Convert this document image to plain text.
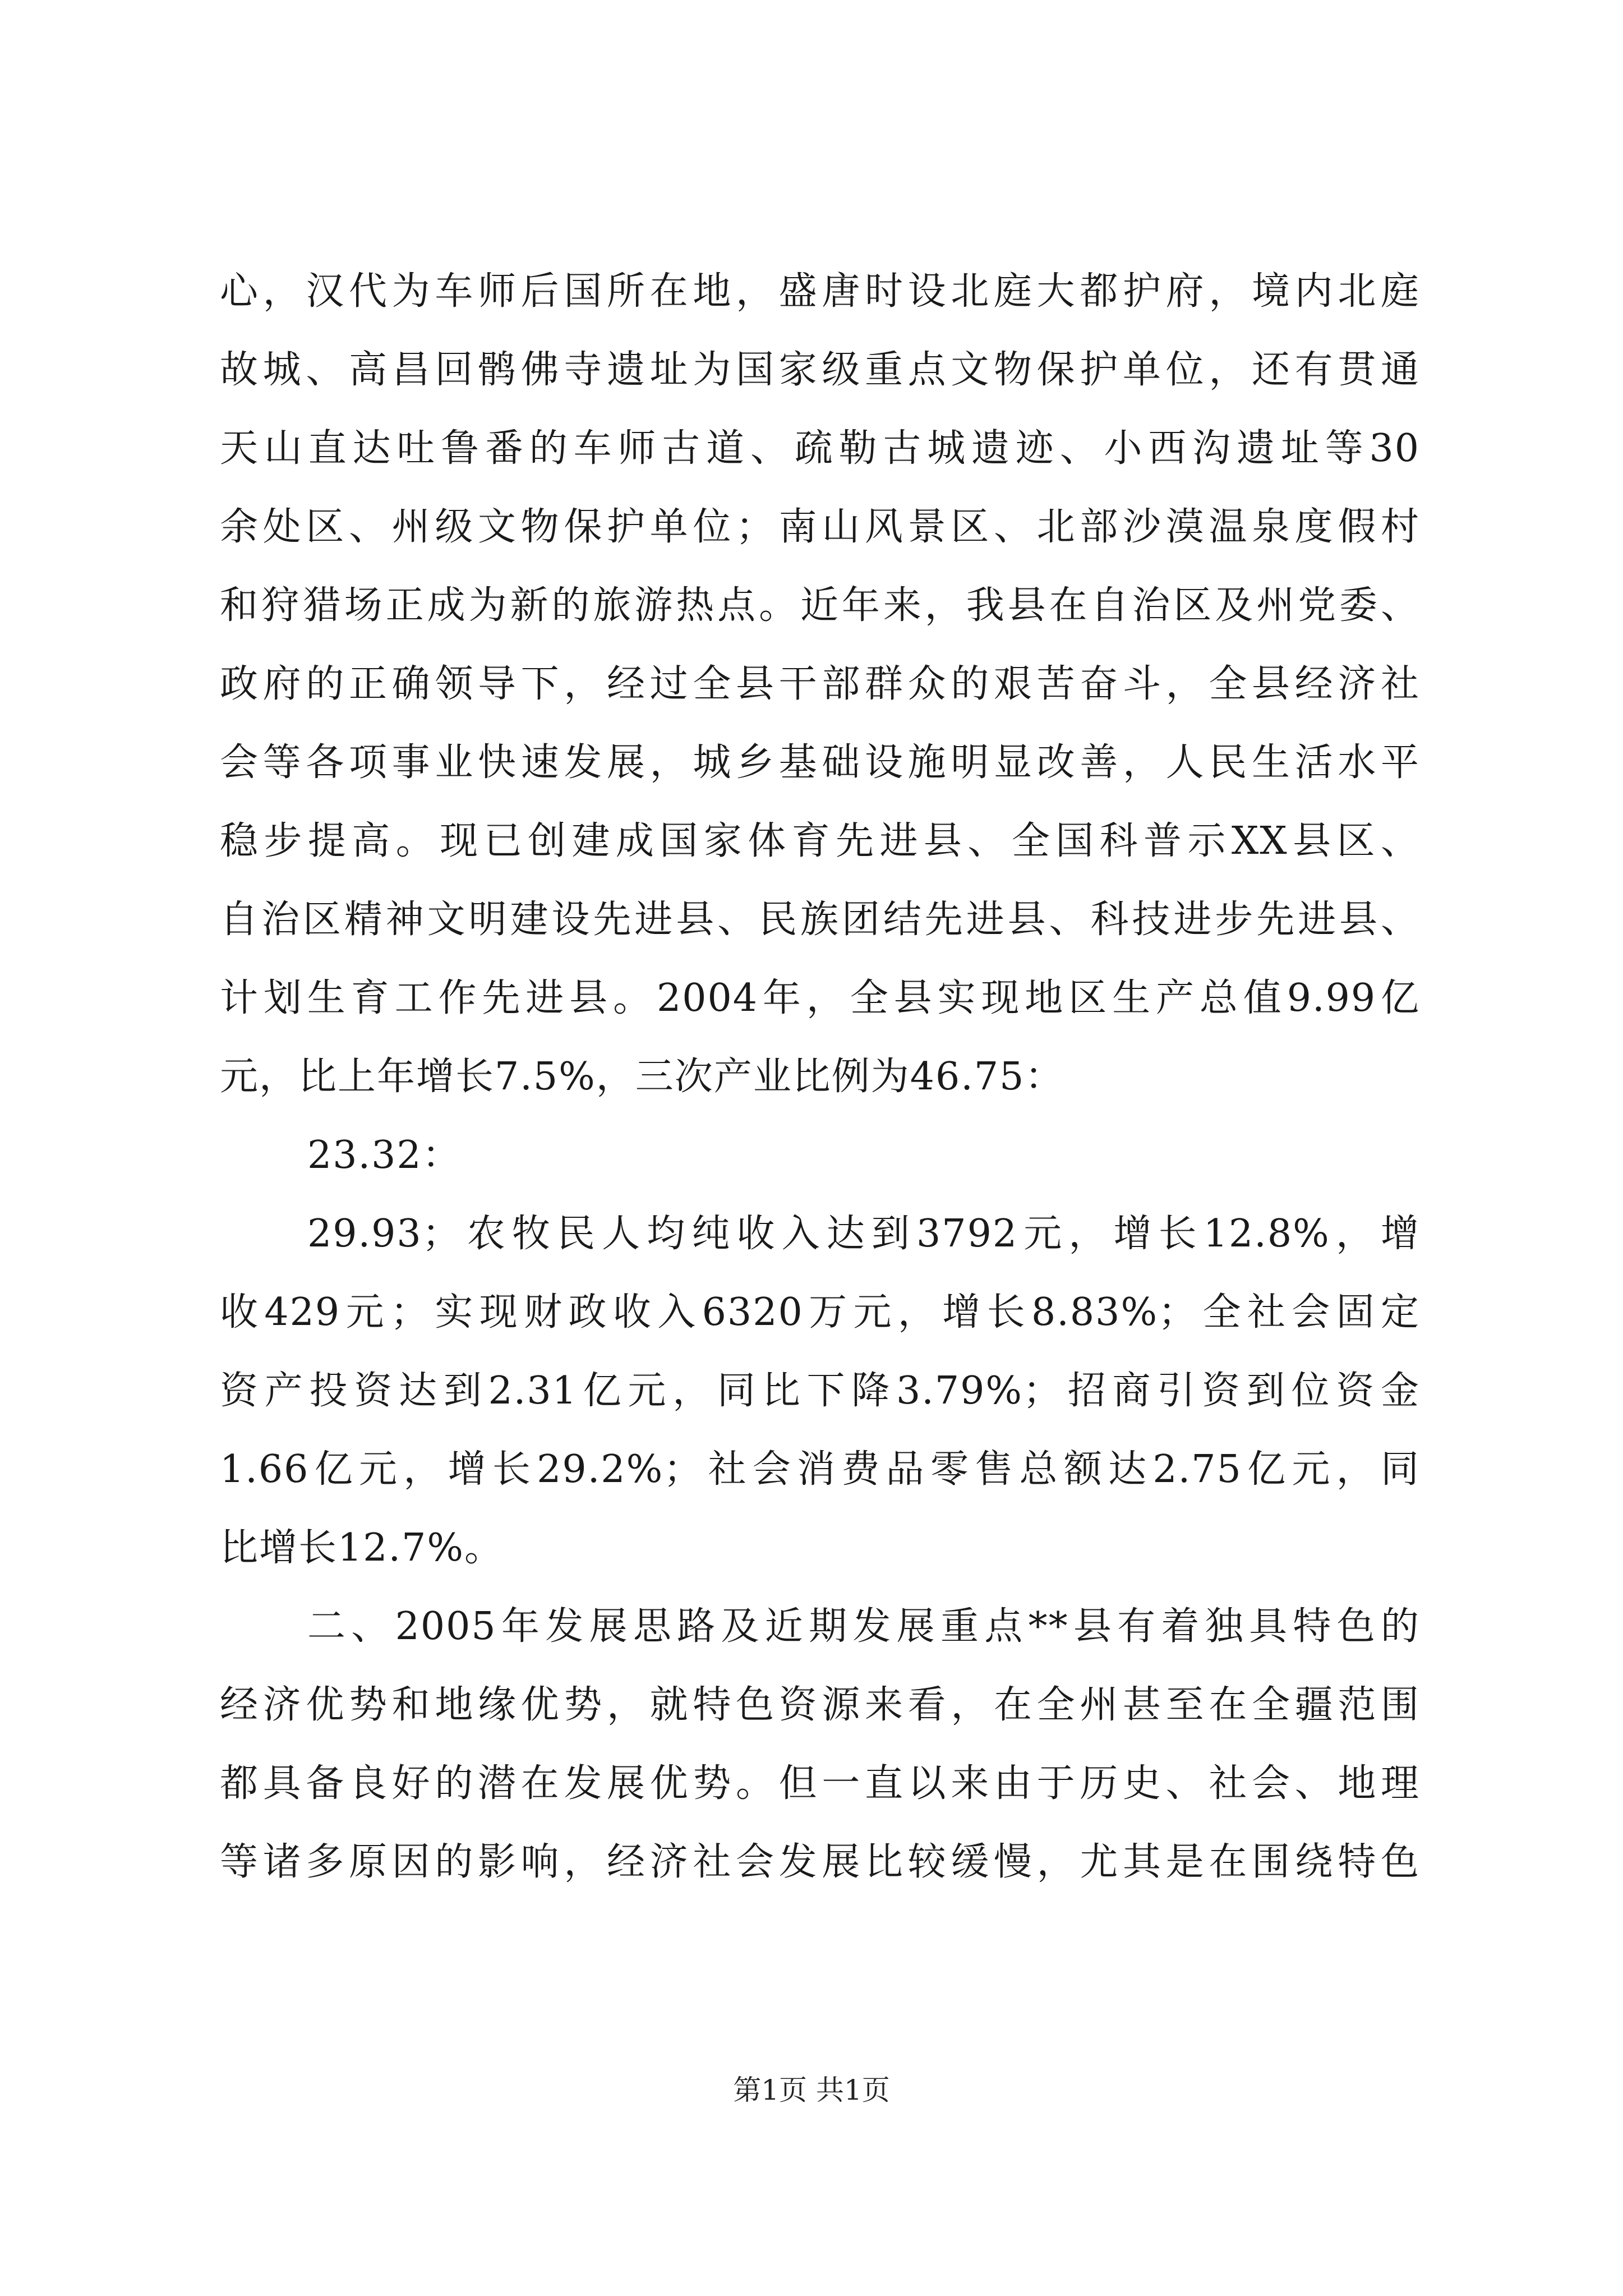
心，汉代为车师后国所在地，盛唐时设北庭大都护府，境内北庭
故城、高昌回鹘佛寺遗址为国家级重点文物保护单位，还有贯通
天山直达吐鲁番的车师古道、疏勒古城遗迹、小西沟遗址等30
余处区、州级文物保护单位；南山风景区、北部沙漠温泉度假村
和狩猎场正成为新的旅游热点。近年来，我县在自治区及州党委、
政府的正确领导下，经过全县干部群众的艰苦奋斗，全县经济社
会等各项事业快速发展，城乡基础设施明显改善，人民生活水平
稳步提高。现已创建成国家体育先进县、全国科普示XX县区、
自治区精神文明建设先进县、民族团结先进县、科技进步先进县、
计划生育工作先进县。2004年，全县实现地区生产总值9.99亿
元，比上年增长7.5%，三次产业比例为46.75：
23.32：
29.93；农牧民人均纯收入达到3792元，增长12.8%，增
收429元；实现财政收入6320万元，增长8.83%；全社会固定
资产投资达到2.31亿元，同比下降3.79%；招商引资到位资金
1.66亿元，增长29.2%；社会消费品零售总额达2.75亿元，同
比增长12.7%。
二、2005年发展思路及近期发展重点**县有着独具特色的
经济优势和地缘优势，就特色资源来看，在全州甚至在全疆范围
都具备良好的潜在发展优势。但一直以来由于历史、社会、地理
等诸多原因的影响，经济社会发展比较缓慢，尤其是在围绕特色
第1页 共1页
